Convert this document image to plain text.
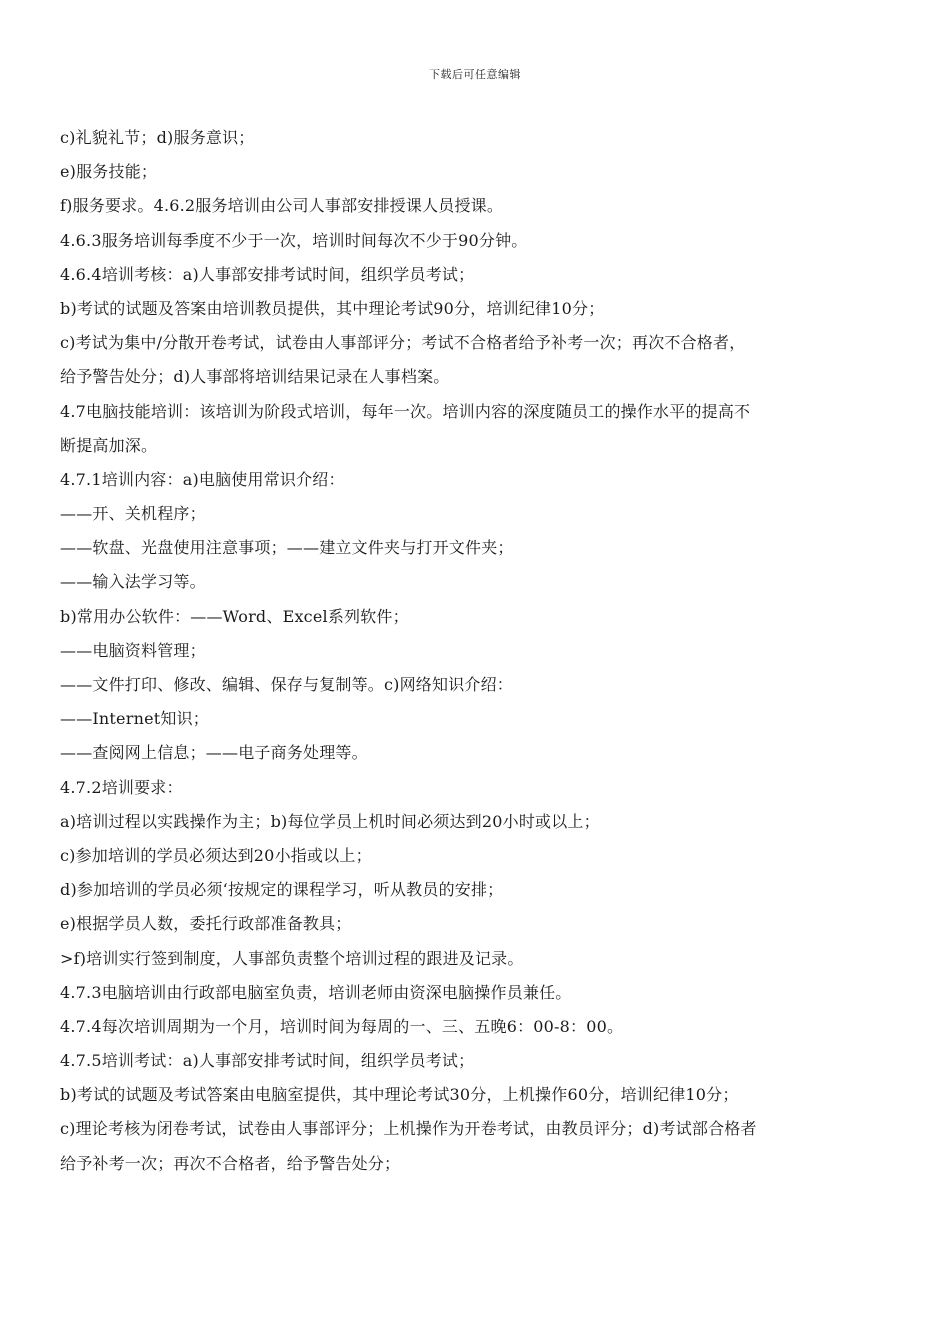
下载后可任意编辑
c)礼貌礼节；d)服务意识；
e)服务技能；
f)服务要求。4.6.2服务培训由公司人事部安排授课人员授课。
4.6.3服务培训每季度不少于一次，培训时间每次不少于90分钟。
4.6.4培训考核：a)人事部安排考试时间，组织学员考试；
b)考试的试题及答案由培训教员提供，其中理论考试90分，培训纪律10分；
c)考试为集中/分散开卷考试，试卷由人事部评分；考试不合格者给予补考一次；再次不合格者，
给予警告处分；d)人事部将培训结果记录在人事档案。
4.7电脑技能培训：该培训为阶段式培训，每年一次。培训内容的深度随员工的操作水平的提高不
断提高加深。
4.7.1培训内容：a)电脑使用常识介绍：
——开、关机程序；
——软盘、光盘使用注意事项；——建立文件夹与打开文件夹；
——输入法学习等。
b)常用办公软件：——Word、Excel系列软件；
——电脑资料管理；
——文件打印、修改、编辑、保存与复制等。c)网络知识介绍：
——Internet知识；
——查阅网上信息；——电子商务处理等。
4.7.2培训要求：
a)培训过程以实践操作为主；b)每位学员上机时间必须达到20小时或以上；
c)参加培训的学员必须达到20小指或以上；
d)参加培训的学员必须‘按规定的课程学习，听从教员的安排；
e)根据学员人数，委托行政部准备教具；
>f)培训实行签到制度，人事部负责整个培训过程的跟进及记录。
4.7.3电脑培训由行政部电脑室负责，培训老师由资深电脑操作员兼任。
4.7.4每次培训周期为一个月，培训时间为每周的一、三、五晚6：00-8：00。
4.7.5培训考试：a)人事部安排考试时间，组织学员考试；
b)考试的试题及考试答案由电脑室提供，其中理论考试30分，上机操作60分，培训纪律10分；
c)理论考核为闭卷考试，试卷由人事部评分；上机操作为开卷考试，由教员评分；d)考试部合格者
给予补考一次；再次不合格者，给予警告处分；
